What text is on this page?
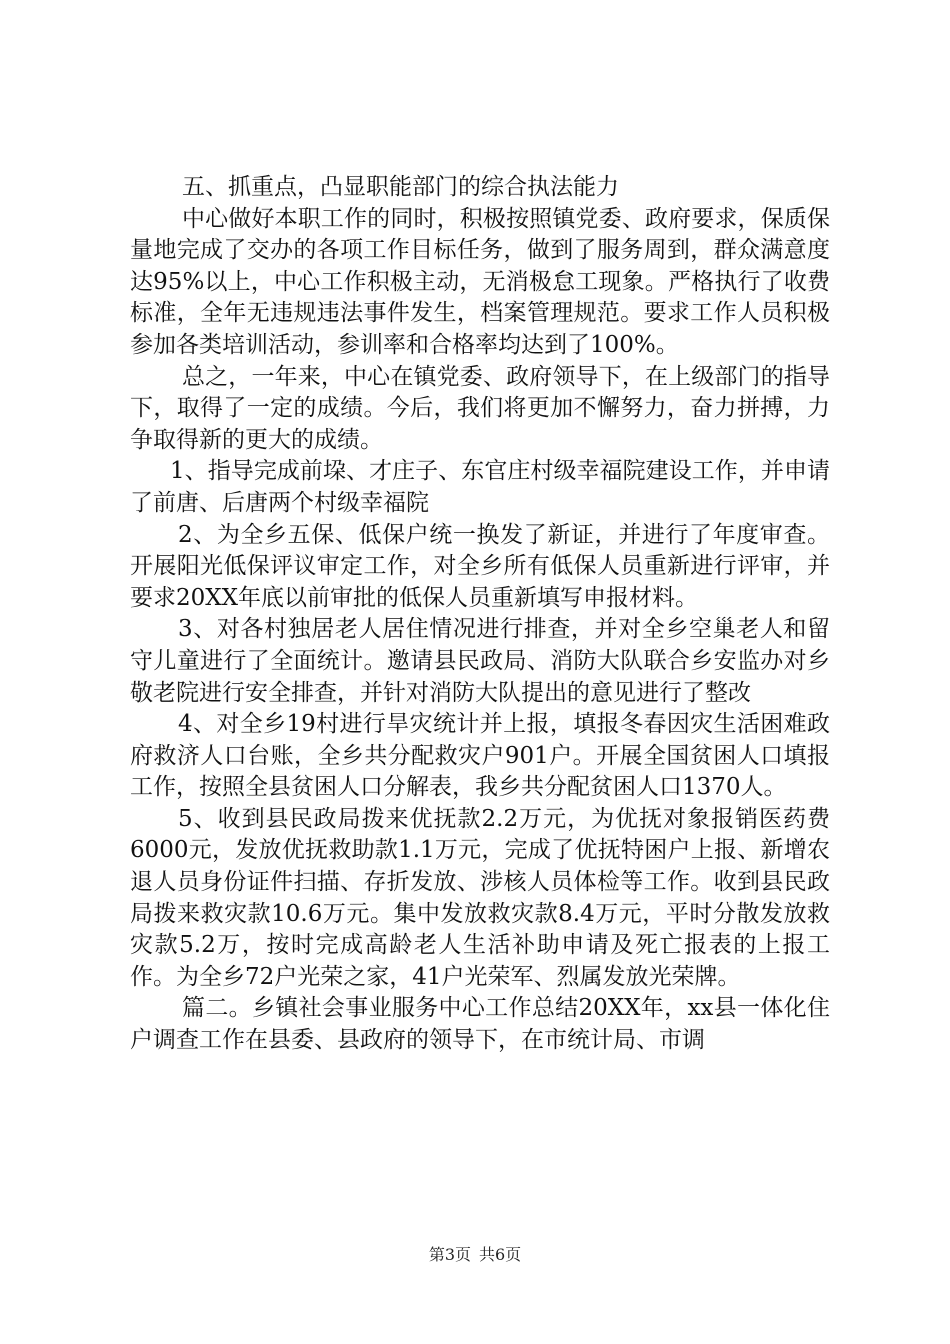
五、抓重点，凸显职能部门的综合执法能力

中心做好本职工作的同时，积极按照镇党委、政府要求，保质保量地完成了交办的各项工作目标任务，做到了服务周到，群众满意度达95%以上，中心工作积极主动，无消极怠工现象。严格执行了收费标准，全年无违规违法事件发生，档案管理规范。要求工作人员积极参加各类培训活动，参训率和合格率均达到了100%。

总之，一年来，中心在镇党委、政府领导下，在上级部门的指导下，取得了一定的成绩。今后，我们将更加不懈努力，奋力拼搏，力争取得新的更大的成绩。

1、指导完成前垜、才庄子、东官庄村级幸福院建设工作，并申请了前唐、后唐两个村级幸福院

2、为全乡五保、低保户统一换发了新证，并进行了年度审查。开展阳光低保评议审定工作，对全乡所有低保人员重新进行评审，并要求20XX年底以前审批的低保人员重新填写申报材料。

3、对各村独居老人居住情况进行排查，并对全乡空巢老人和留守儿童进行了全面统计。邀请县民政局、消防大队联合乡安监办对乡敬老院进行安全排查，并针对消防大队提出的意见进行了整改

4、对全乡19村进行旱灾统计并上报，填报冬春因灾生活困难政府救济人口台账，全乡共分配救灾户901户。开展全国贫困人口填报工作，按照全县贫困人口分解表，我乡共分配贫困人口1370人。

5、收到县民政局拨来优抚款2.2万元，为优抚对象报销医药费6000元，发放优抚救助款1.1万元，完成了优抚特困户上报、新增农退人员身份证件扫描、存折发放、涉核人员体检等工作。收到县民政局拨来救灾款10.6万元。集中发放救灾款8.4万元，平时分散发放救灾款5.2万，按时完成高龄老人生活补助申请及死亡报表的上报工作。为全乡72户光荣之家，41户光荣军、烈属发放光荣牌。

篇二。乡镇社会事业服务中心工作总结20XX年，xx县一体化住户调查工作在县委、县政府的领导下，在市统计局、市调

第3页 共6页
